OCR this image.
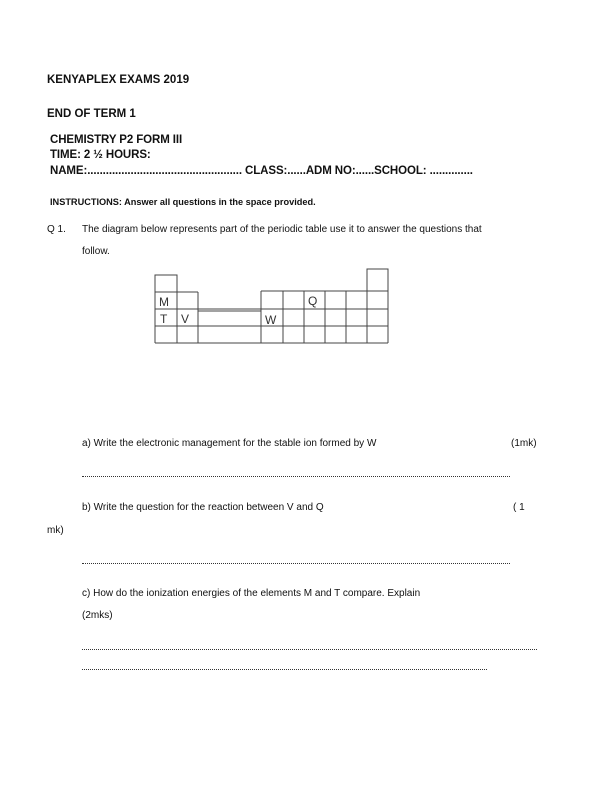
KENYAPLEX EXAMS 2019
END OF TERM 1
CHEMISTRY P2 FORM III
TIME: 2 ½ HOURS:
NAME:.................................................. CLASS:......ADM NO:......SCHOOL: ..............
INSTRUCTIONS: Answer all questions in the space provided.
Q 1. The diagram below represents part of the periodic table use it to answer the questions that
follow.
M
T V	W
Q
a) Write the electronic management for the stable ion formed by W	(1mk)
b) Write the question for the reaction between V and Q	( 1
mk)
c) How do the ionization energies of the elements M and T compare. Explain
(2mks)
